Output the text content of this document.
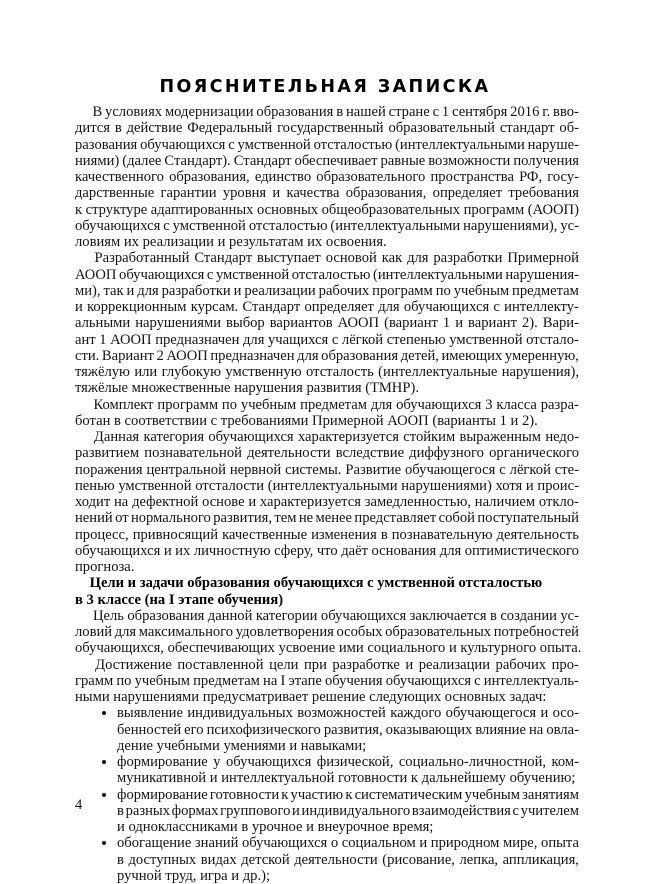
ПОЯСНИТЕЛЬНАЯ ЗАПИСКА

В условиях модернизации образования в нашей стране с 1 сентября 2016 г. вво-
дится в действие Федеральный государственный образовательный стандарт об-
разования обучающихся с умственной отсталостью (интеллектуальными наруше-
ниями) (далее Стандарт). Стандарт обеспечивает равные возможности получения
качественного образования, единство образовательного пространства РФ, госу-
дарственные гарантии уровня и качества образования, определяет требования
к структуре адаптированных основных общеобразовательных программ (АООП)
обучающихся с умственной отсталостью (интеллектуальными нарушениями), ус-
ловиям их реализации и результатам их освоения.

Разработанный Стандарт выступает основой как для разработки Примерной
АООП обучающихся с умственной отсталостью (интеллектуальными нарушения-
ми), так и для разработки и реализации рабочих программ по учебным предметам
и коррекционным курсам. Стандарт определяет для обучающихся с интеллекту-
альными нарушениями выбор вариантов АООП (вариант 1 и вариант 2). Вари-
ант 1 АООП предназначен для учащихся с лёгкой степенью умственной отстало-
сти. Вариант 2 АООП предназначен для образования детей, имеющих умеренную,
тяжёлую или глубокую умственную отсталость (интеллектуальные нарушения),
тяжёлые множественные нарушения развития (ТМНР).

Комплект программ по учебным предметам для обучающихся 3 класса разра-
ботан в соответствии с требованиями Примерной АООП (варианты 1 и 2).

Данная категория обучающихся характеризуется стойким выраженным недо-
развитием познавательной деятельности вследствие диффузного органического
поражения центральной нервной системы. Развитие обучающегося с лёгкой сте-
пенью умственной отсталости (интеллектуальными нарушениями) хотя и проис-
ходит на дефектной основе и характеризуется замедленностью, наличием откло-
нений от нормального развития, тем не менее представляет собой поступательный
процесс, привносящий качественные изменения в познавательную деятельность
обучающихся и их личностную сферу, что даёт основания для оптимистического
прогноза.

Цели и задачи образования обучающихся с умственной отсталостью
в 3 классе (на I этапе обучения)

Цель образования данной категории обучающихся заключается в создании ус-
ловий для максимального удовлетворения особых образовательных потребностей
обучающихся, обеспечивающих усвоение ими социального и культурного опыта.

Достижение поставленной цели при разработке и реализации рабочих про-
грамм по учебным предметам на I этапе обучения обучающихся с интеллектуаль-
ными нарушениями предусматривает решение следующих основных задач:

выявление индивидуальных возможностей каждого обучающегося и осо-
бенностей его психофизического развития, оказывающих влияние на овла-
дение учебными умениями и навыками;
формирование у обучающихся физической, социально-личностной, ком-
муникативной и интеллектуальной готовности к дальнейшему обучению;
формирование готовности к участию к систематическим учебным занятиям
в разных формах группового и индивидуального взаимодействия с учителем
и одноклассниками в урочное и внеурочное время;
обогащение знаний обучающихся о социальном и природном мире, опыта
в доступных видах детской деятельности (рисование, лепка, аппликация,
ручной труд, игра и др.);
4
